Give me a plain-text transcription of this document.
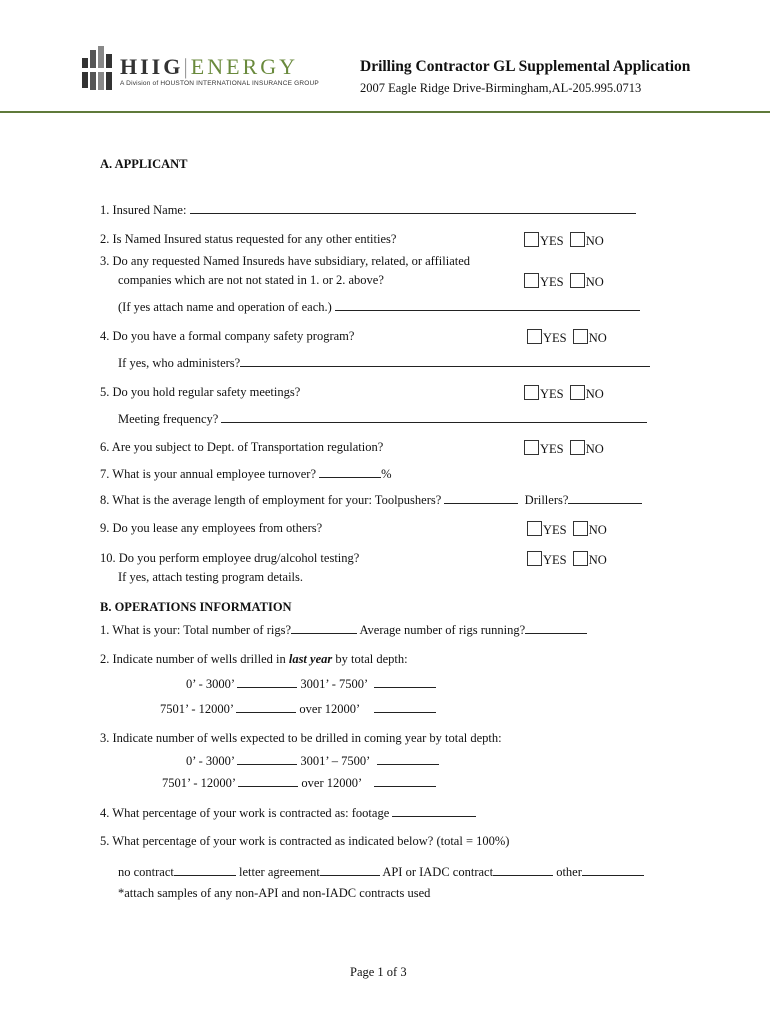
HIIG|ENERGY
A Division of HOUSTON INTERNATIONAL INSURANCE GROUP
Drilling Contractor GL Supplemental Application
2007 Eagle Ridge Drive-Birmingham,AL-205.995.0713
A. APPLICANT
1. Insured Name:
2. Is Named Insured status requested for any other entities?	YES NO
3. Do any requested Named Insureds have subsidiary, related, or affiliated
companies which are not not stated in 1. or 2. above?	YES NO
(If yes attach name and operation of each.)
4. Do you have a formal company safety program?	YES NO
If yes, who administers?
5. Do you hold regular safety meetings?	YES NO
Meeting frequency?
6. Are you subject to Dept. of Transportation regulation?	YES NO
7. What is your annual employee turnover?	%
8. What is the average length of employment for your: Toolpushers?	Drillers?
9. Do you lease any employees from others?	YES NO
10. Do you perform employee drug/alcohol testing?	YES NO
If yes, attach testing program details.
B. OPERATIONS INFORMATION
1. What is your: Total number of rigs?	Average number of rigs running?
2. Indicate number of wells drilled in last year by total depth:
0’ - 3000’	3001’ - 7500’
7501’ - 12000’	over 12000’
3. Indicate number of wells expected to be drilled in coming year by total depth:
0’ - 3000’	3001’ – 7500’
7501’ - 12000’	over 12000’
4. What percentage of your work is contracted as: footage
5. What percentage of your work is contracted as indicated below? (total = 100%)
no contract	letter agreement	API or IADC contract	other
*attach samples of any non-API and non-IADC contracts used
Page 1 of 3
